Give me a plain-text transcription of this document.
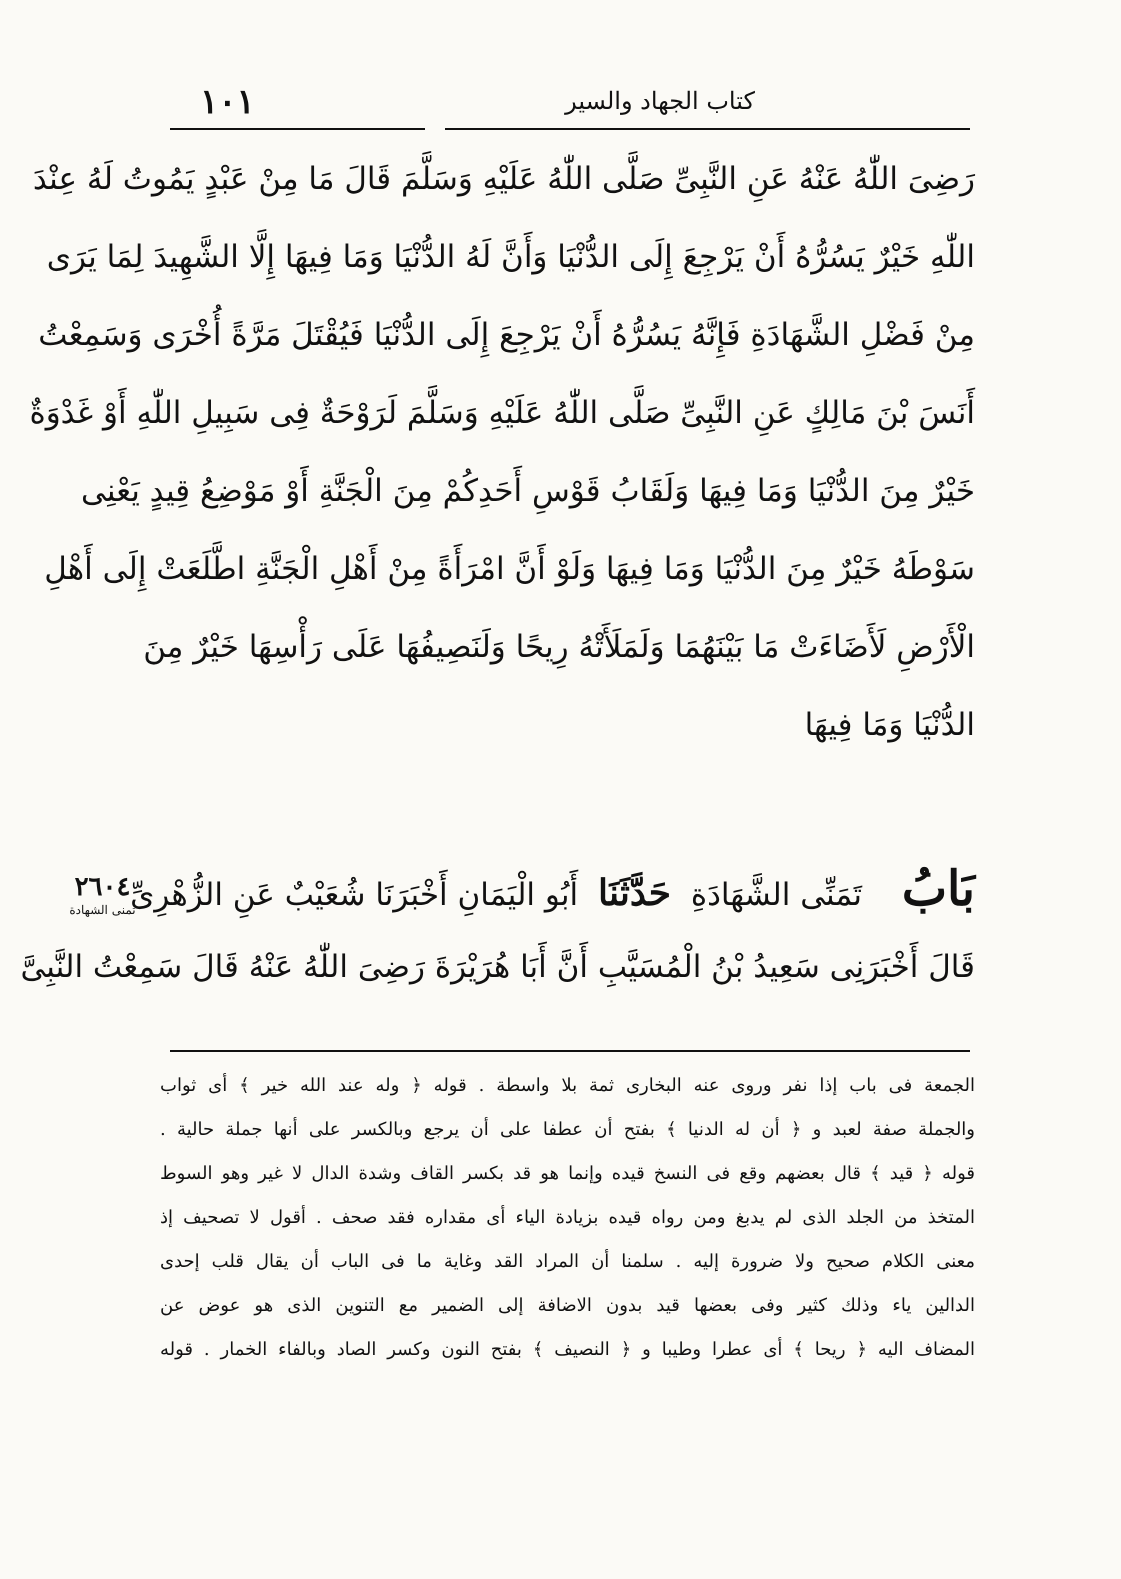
١٠١	كتاب الجهاد والسير
رَضِىَ اللّٰهُ عَنْهُ عَنِ النَّبِىِّ صَلَّى اللّٰهُ عَلَيْهِ وَسَلَّمَ قَالَ مَا مِنْ عَبْدٍ يَمُوتُ لَهُ عِنْدَ
اللّٰهِ خَيْرٌ يَسُرُّهُ أَنْ يَرْجِعَ إِلَى الدُّنْيَا وَأَنَّ لَهُ الدُّنْيَا وَمَا فِيهَا إِلَّا الشَّهِيدَ لِمَا يَرَى
مِنْ فَضْلِ الشَّهَادَةِ فَإِنَّهُ يَسُرُّهُ أَنْ يَرْجِعَ إِلَى الدُّنْيَا فَيُقْتَلَ مَرَّةً أُخْرَى وَسَمِعْتُ
أَنَسَ بْنَ مَالِكٍ عَنِ النَّبِىِّ صَلَّى اللّٰهُ عَلَيْهِ وَسَلَّمَ لَرَوْحَةٌ فِى سَبِيلِ اللّٰهِ أَوْ غَدْوَةٌ
خَيْرٌ مِنَ الدُّنْيَا وَمَا فِيهَا وَلَقَابُ قَوْسِ أَحَدِكُمْ مِنَ الْجَنَّةِ أَوْ مَوْضِعُ قِيدٍ يَعْنِى
سَوْطَهُ خَيْرٌ مِنَ الدُّنْيَا وَمَا فِيهَا وَلَوْ أَنَّ امْرَأَةً مِنْ أَهْلِ الْجَنَّةِ اطَّلَعَتْ إِلَى أَهْلِ
الْأَرْضِ لَأَضَاءَتْ مَا بَيْنَهُمَا وَلَمَلَأَتْهُ رِيحًا وَلَنَصِيفُهَا عَلَى رَأْسِهَا خَيْرٌ مِنَ
الدُّنْيَا وَمَا فِيهَا
٢٦٠٤
تمنى الشهادة	بَابُ تَمَنِّى الشَّهَادَةِ حَدَّثَنَا أَبُو الْيَمَانِ أَخْبَرَنَا شُعَيْبٌ عَنِ الزُّهْرِىِّ
قَالَ أَخْبَرَنِى سَعِيدُ بْنُ الْمُسَيَّبِ أَنَّ أَبَا هُرَيْرَةَ رَضِىَ اللّٰهُ عَنْهُ قَالَ سَمِعْتُ النَّبِىَّ
الجمعة فى باب إذا نفر وروى عنه البخارى ثمة بلا واسطة . قوله ﴿ وله عند الله خير ﴾ أى ثواب
والجملة صفة لعبد و ﴿ أن له الدنيا ﴾ بفتح أن عطفا على أن يرجع وبالكسر على أنها جملة حالية .
قوله ﴿ قيد ﴾ قال بعضهم وقع فى النسخ قيده وإنما هو قد بكسر القاف وشدة الدال لا غير وهو السوط
المتخذ من الجلد الذى لم يدبغ ومن رواه قيده بزيادة الياء أى مقداره فقد صحف . أقول لا تصحيف إذ
معنى الكلام صحيح ولا ضرورة إليه . سلمنا أن المراد القد وغاية ما فى الباب أن يقال قلب إحدى
الدالين ياء وذلك كثير وفى بعضها قيد بدون الاضافة إلى الضمير مع التنوين الذى هو عوض عن
المضاف اليه ﴿ ريحا ﴾ أى عطرا وطيبا و ﴿ النصيف ﴾ بفتح النون وكسر الصاد وبالفاء الخمار . قوله
